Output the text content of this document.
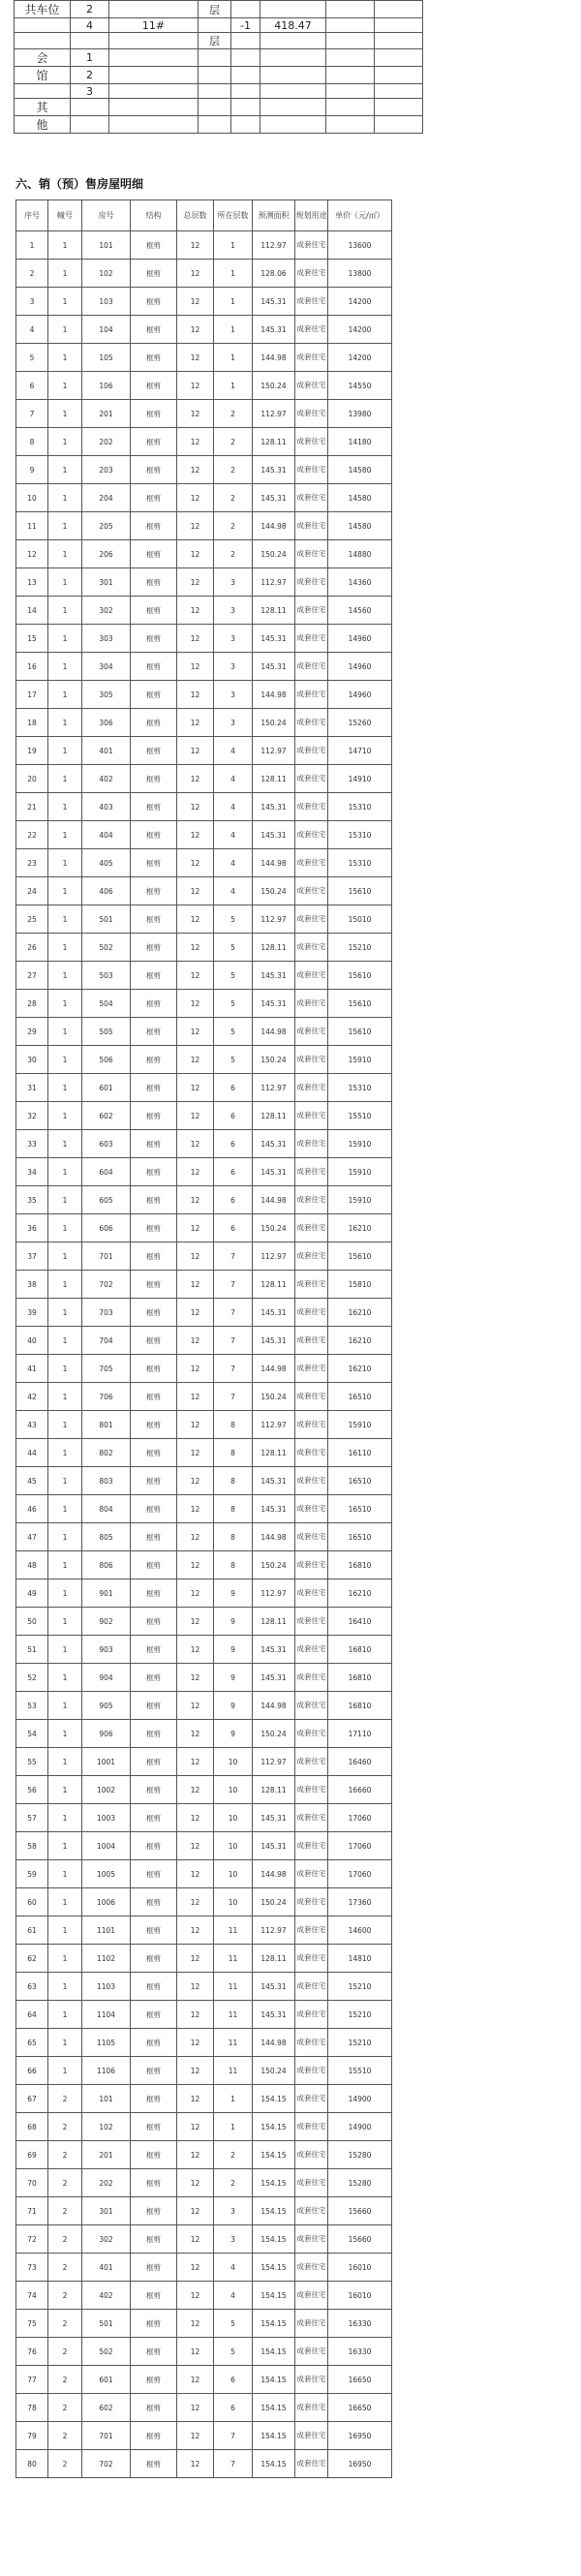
共车位	2		层				
	4	11#		-1	418.47		
			层				
会	1						
馆	2						
	3						
其							
他							
六、销（预）售房屋明细
序号	幢号	房号	结构	总层数	所在层数	预测面积	规划用途	单价（元/㎡）
1	1	101	框剪	12	1	112.97	成套住宅	13600
2	1	102	框剪	12	1	128.06	成套住宅	13800
3	1	103	框剪	12	1	145.31	成套住宅	14200
4	1	104	框剪	12	1	145.31	成套住宅	14200
5	1	105	框剪	12	1	144.98	成套住宅	14200
6	1	106	框剪	12	1	150.24	成套住宅	14550
7	1	201	框剪	12	2	112.97	成套住宅	13980
8	1	202	框剪	12	2	128.11	成套住宅	14180
9	1	203	框剪	12	2	145.31	成套住宅	14580
10	1	204	框剪	12	2	145.31	成套住宅	14580
11	1	205	框剪	12	2	144.98	成套住宅	14580
12	1	206	框剪	12	2	150.24	成套住宅	14880
13	1	301	框剪	12	3	112.97	成套住宅	14360
14	1	302	框剪	12	3	128.11	成套住宅	14560
15	1	303	框剪	12	3	145.31	成套住宅	14960
16	1	304	框剪	12	3	145.31	成套住宅	14960
17	1	305	框剪	12	3	144.98	成套住宅	14960
18	1	306	框剪	12	3	150.24	成套住宅	15260
19	1	401	框剪	12	4	112.97	成套住宅	14710
20	1	402	框剪	12	4	128.11	成套住宅	14910
21	1	403	框剪	12	4	145.31	成套住宅	15310
22	1	404	框剪	12	4	145.31	成套住宅	15310
23	1	405	框剪	12	4	144.98	成套住宅	15310
24	1	406	框剪	12	4	150.24	成套住宅	15610
25	1	501	框剪	12	5	112.97	成套住宅	15010
26	1	502	框剪	12	5	128.11	成套住宅	15210
27	1	503	框剪	12	5	145.31	成套住宅	15610
28	1	504	框剪	12	5	145.31	成套住宅	15610
29	1	505	框剪	12	5	144.98	成套住宅	15610
30	1	506	框剪	12	5	150.24	成套住宅	15910
31	1	601	框剪	12	6	112.97	成套住宅	15310
32	1	602	框剪	12	6	128.11	成套住宅	15510
33	1	603	框剪	12	6	145.31	成套住宅	15910
34	1	604	框剪	12	6	145.31	成套住宅	15910
35	1	605	框剪	12	6	144.98	成套住宅	15910
36	1	606	框剪	12	6	150.24	成套住宅	16210
37	1	701	框剪	12	7	112.97	成套住宅	15610
38	1	702	框剪	12	7	128.11	成套住宅	15810
39	1	703	框剪	12	7	145.31	成套住宅	16210
40	1	704	框剪	12	7	145.31	成套住宅	16210
41	1	705	框剪	12	7	144.98	成套住宅	16210
42	1	706	框剪	12	7	150.24	成套住宅	16510
43	1	801	框剪	12	8	112.97	成套住宅	15910
44	1	802	框剪	12	8	128.11	成套住宅	16110
45	1	803	框剪	12	8	145.31	成套住宅	16510
46	1	804	框剪	12	8	145.31	成套住宅	16510
47	1	805	框剪	12	8	144.98	成套住宅	16510
48	1	806	框剪	12	8	150.24	成套住宅	16810
49	1	901	框剪	12	9	112.97	成套住宅	16210
50	1	902	框剪	12	9	128.11	成套住宅	16410
51	1	903	框剪	12	9	145.31	成套住宅	16810
52	1	904	框剪	12	9	145.31	成套住宅	16810
53	1	905	框剪	12	9	144.98	成套住宅	16810
54	1	906	框剪	12	9	150.24	成套住宅	17110
55	1	1001	框剪	12	10	112.97	成套住宅	16460
56	1	1002	框剪	12	10	128.11	成套住宅	16660
57	1	1003	框剪	12	10	145.31	成套住宅	17060
58	1	1004	框剪	12	10	145.31	成套住宅	17060
59	1	1005	框剪	12	10	144.98	成套住宅	17060
60	1	1006	框剪	12	10	150.24	成套住宅	17360
61	1	1101	框剪	12	11	112.97	成套住宅	14600
62	1	1102	框剪	12	11	128.11	成套住宅	14810
63	1	1103	框剪	12	11	145.31	成套住宅	15210
64	1	1104	框剪	12	11	145.31	成套住宅	15210
65	1	1105	框剪	12	11	144.98	成套住宅	15210
66	1	1106	框剪	12	11	150.24	成套住宅	15510
67	2	101	框剪	12	1	154.15	成套住宅	14900
68	2	102	框剪	12	1	154.15	成套住宅	14900
69	2	201	框剪	12	2	154.15	成套住宅	15280
70	2	202	框剪	12	2	154.15	成套住宅	15280
71	2	301	框剪	12	3	154.15	成套住宅	15660
72	2	302	框剪	12	3	154.15	成套住宅	15660
73	2	401	框剪	12	4	154.15	成套住宅	16010
74	2	402	框剪	12	4	154.15	成套住宅	16010
75	2	501	框剪	12	5	154.15	成套住宅	16330
76	2	502	框剪	12	5	154.15	成套住宅	16330
77	2	601	框剪	12	6	154.15	成套住宅	16650
78	2	602	框剪	12	6	154.15	成套住宅	16650
79	2	701	框剪	12	7	154.15	成套住宅	16950
80	2	702	框剪	12	7	154.15	成套住宅	16950
